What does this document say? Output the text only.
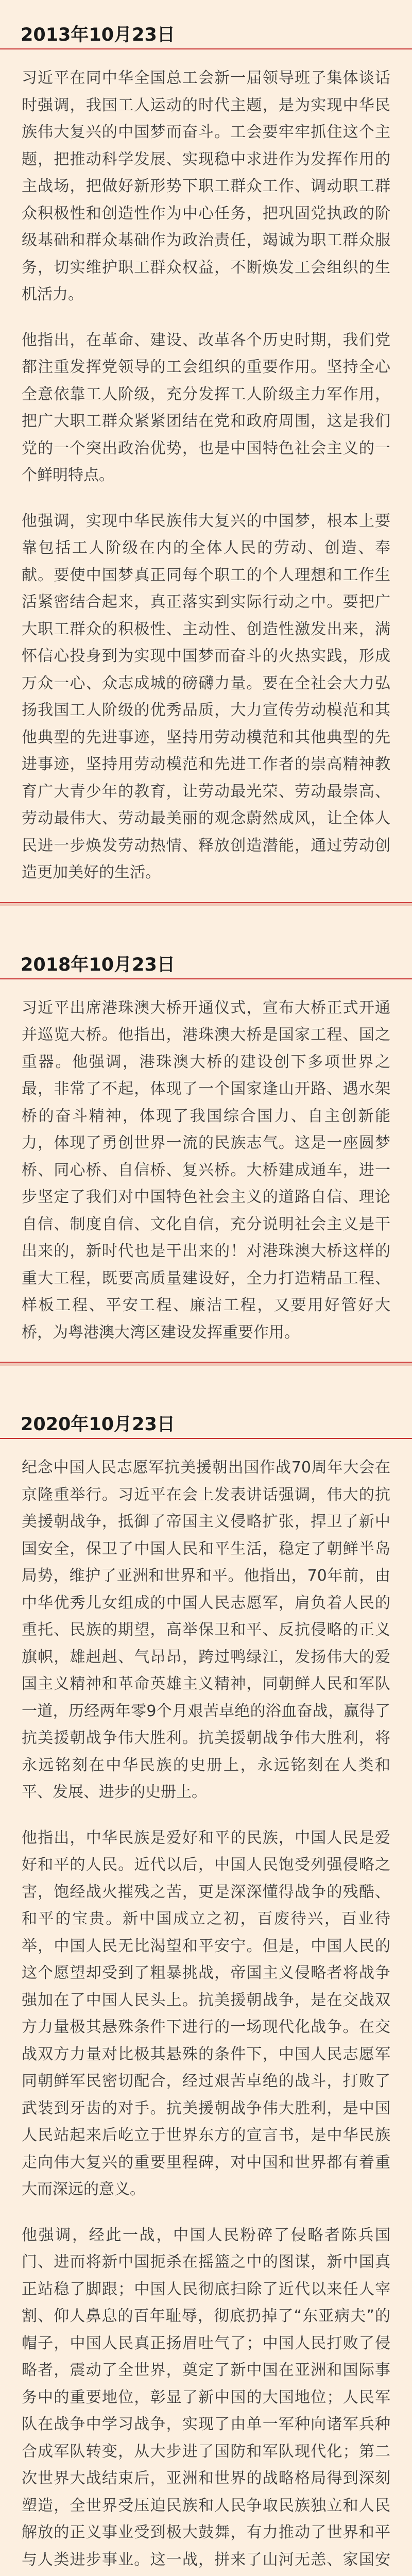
2013年10月23日

习近平在同中华全国总工会新一届领导班子集体谈话时强调，我国工人运动的时代主题，是为实现中华民族伟大复兴的中国梦而奋斗。工会要牢牢抓住这个主题，把推动科学发展、实现稳中求进作为发挥作用的主战场，把做好新形势下职工群众工作、调动职工群众积极性和创造性作为中心任务，把巩固党执政的阶级基础和群众基础作为政治责任，竭诚为职工群众服务，切实维护职工群众权益，不断焕发工会组织的生机活力。

他指出，在革命、建设、改革各个历史时期，我们党都注重发挥党领导的工会组织的重要作用。坚持全心全意依靠工人阶级，充分发挥工人阶级主力军作用，把广大职工群众紧紧团结在党和政府周围，这是我们党的一个突出政治优势，也是中国特色社会主义的一个鲜明特点。

他强调，实现中华民族伟大复兴的中国梦，根本上要靠包括工人阶级在内的全体人民的劳动、创造、奉献。要使中国梦真正同每个职工的个人理想和工作生活紧密结合起来，真正落实到实际行动之中。要把广大职工群众的积极性、主动性、创造性激发出来，满怀信心投身到为实现中国梦而奋斗的火热实践，形成万众一心、众志成城的磅礴力量。要在全社会大力弘扬我国工人阶级的优秀品质，大力宣传劳动模范和其他典型的先进事迹，坚持用劳动模范和其他典型的先进事迹，坚持用劳动模范和先进工作者的崇高精神教育广大青少年的教育，让劳动最光荣、劳动最崇高、劳动最伟大、劳动最美丽的观念蔚然成风，让全体人民进一步焕发劳动热情、释放创造潜能，通过劳动创造更加美好的生活。

2018年10月23日

习近平出席港珠澳大桥开通仪式，宣布大桥正式开通并巡览大桥。他指出，港珠澳大桥是国家工程、国之重器。他强调，港珠澳大桥的建设创下多项世界之最，非常了不起，体现了一个国家逢山开路、遇水架桥的奋斗精神，体现了我国综合国力、自主创新能力，体现了勇创世界一流的民族志气。这是一座圆梦桥、同心桥、自信桥、复兴桥。大桥建成通车，进一步坚定了我们对中国特色社会主义的道路自信、理论自信、制度自信、文化自信，充分说明社会主义是干出来的，新时代也是干出来的！对港珠澳大桥这样的重大工程，既要高质量建设好，全力打造精品工程、样板工程、平安工程、廉洁工程，又要用好管好大桥，为粤港澳大湾区建设发挥重要作用。

2020年10月23日

纪念中国人民志愿军抗美援朝出国作战70周年大会在京隆重举行。习近平在会上发表讲话强调，伟大的抗美援朝战争，抵御了帝国主义侵略扩张，捍卫了新中国安全，保卫了中国人民和平生活，稳定了朝鲜半岛局势，维护了亚洲和世界和平。他指出，70年前，由中华优秀儿女组成的中国人民志愿军，肩负着人民的重托、民族的期望，高举保卫和平、反抗侵略的正义旗帜，雄赳赳、气昂昂，跨过鸭绿江，发扬伟大的爱国主义精神和革命英雄主义精神，同朝鲜人民和军队一道，历经两年零9个月艰苦卓绝的浴血奋战，赢得了抗美援朝战争伟大胜利。抗美援朝战争伟大胜利，将永远铭刻在中华民族的史册上，永远铭刻在人类和平、发展、进步的史册上。

他指出，中华民族是爱好和平的民族，中国人民是爱好和平的人民。近代以后，中国人民饱受列强侵略之害，饱经战火摧残之苦，更是深深懂得战争的残酷、和平的宝贵。新中国成立之初，百废待兴，百业待举，中国人民无比渴望和平安宁。但是，中国人民的这个愿望却受到了粗暴挑战，帝国主义侵略者将战争强加在了中国人民头上。抗美援朝战争，是在交战双方力量极其悬殊条件下进行的一场现代化战争。在交战双方力量对比极其悬殊的条件下，中国人民志愿军同朝鲜军民密切配合，经过艰苦卓绝的战斗，打败了武装到牙齿的对手。抗美援朝战争伟大胜利，是中国人民站起来后屹立于世界东方的宣言书，是中华民族走向伟大复兴的重要里程碑，对中国和世界都有着重大而深远的意义。

他强调，经此一战，中国人民粉碎了侵略者陈兵国门、进而将新中国扼杀在摇篮之中的图谋，新中国真正站稳了脚跟；中国人民彻底扫除了近代以来任人宰割、仰人鼻息的百年耻辱，彻底扔掉了“东亚病夫”的帽子，中国人民真正扬眉吐气了；中国人民打败了侵略者，震动了全世界，奠定了新中国在亚洲和国际事务中的重要地位，彰显了新中国的大国地位；人民军队在战争中学习战争，实现了由单一军种向诸军兵种合成军队转变，从大步进了国防和军队现代化；第二次世界大战结束后，亚洲和世界的战略格局得到深刻塑造，全世界受压迫民族和人民争取民族独立和人民解放的正义事业受到极大鼓舞，有力推动了世界和平与人类进步事业。这一战，拼来了山河无恙、家国安
